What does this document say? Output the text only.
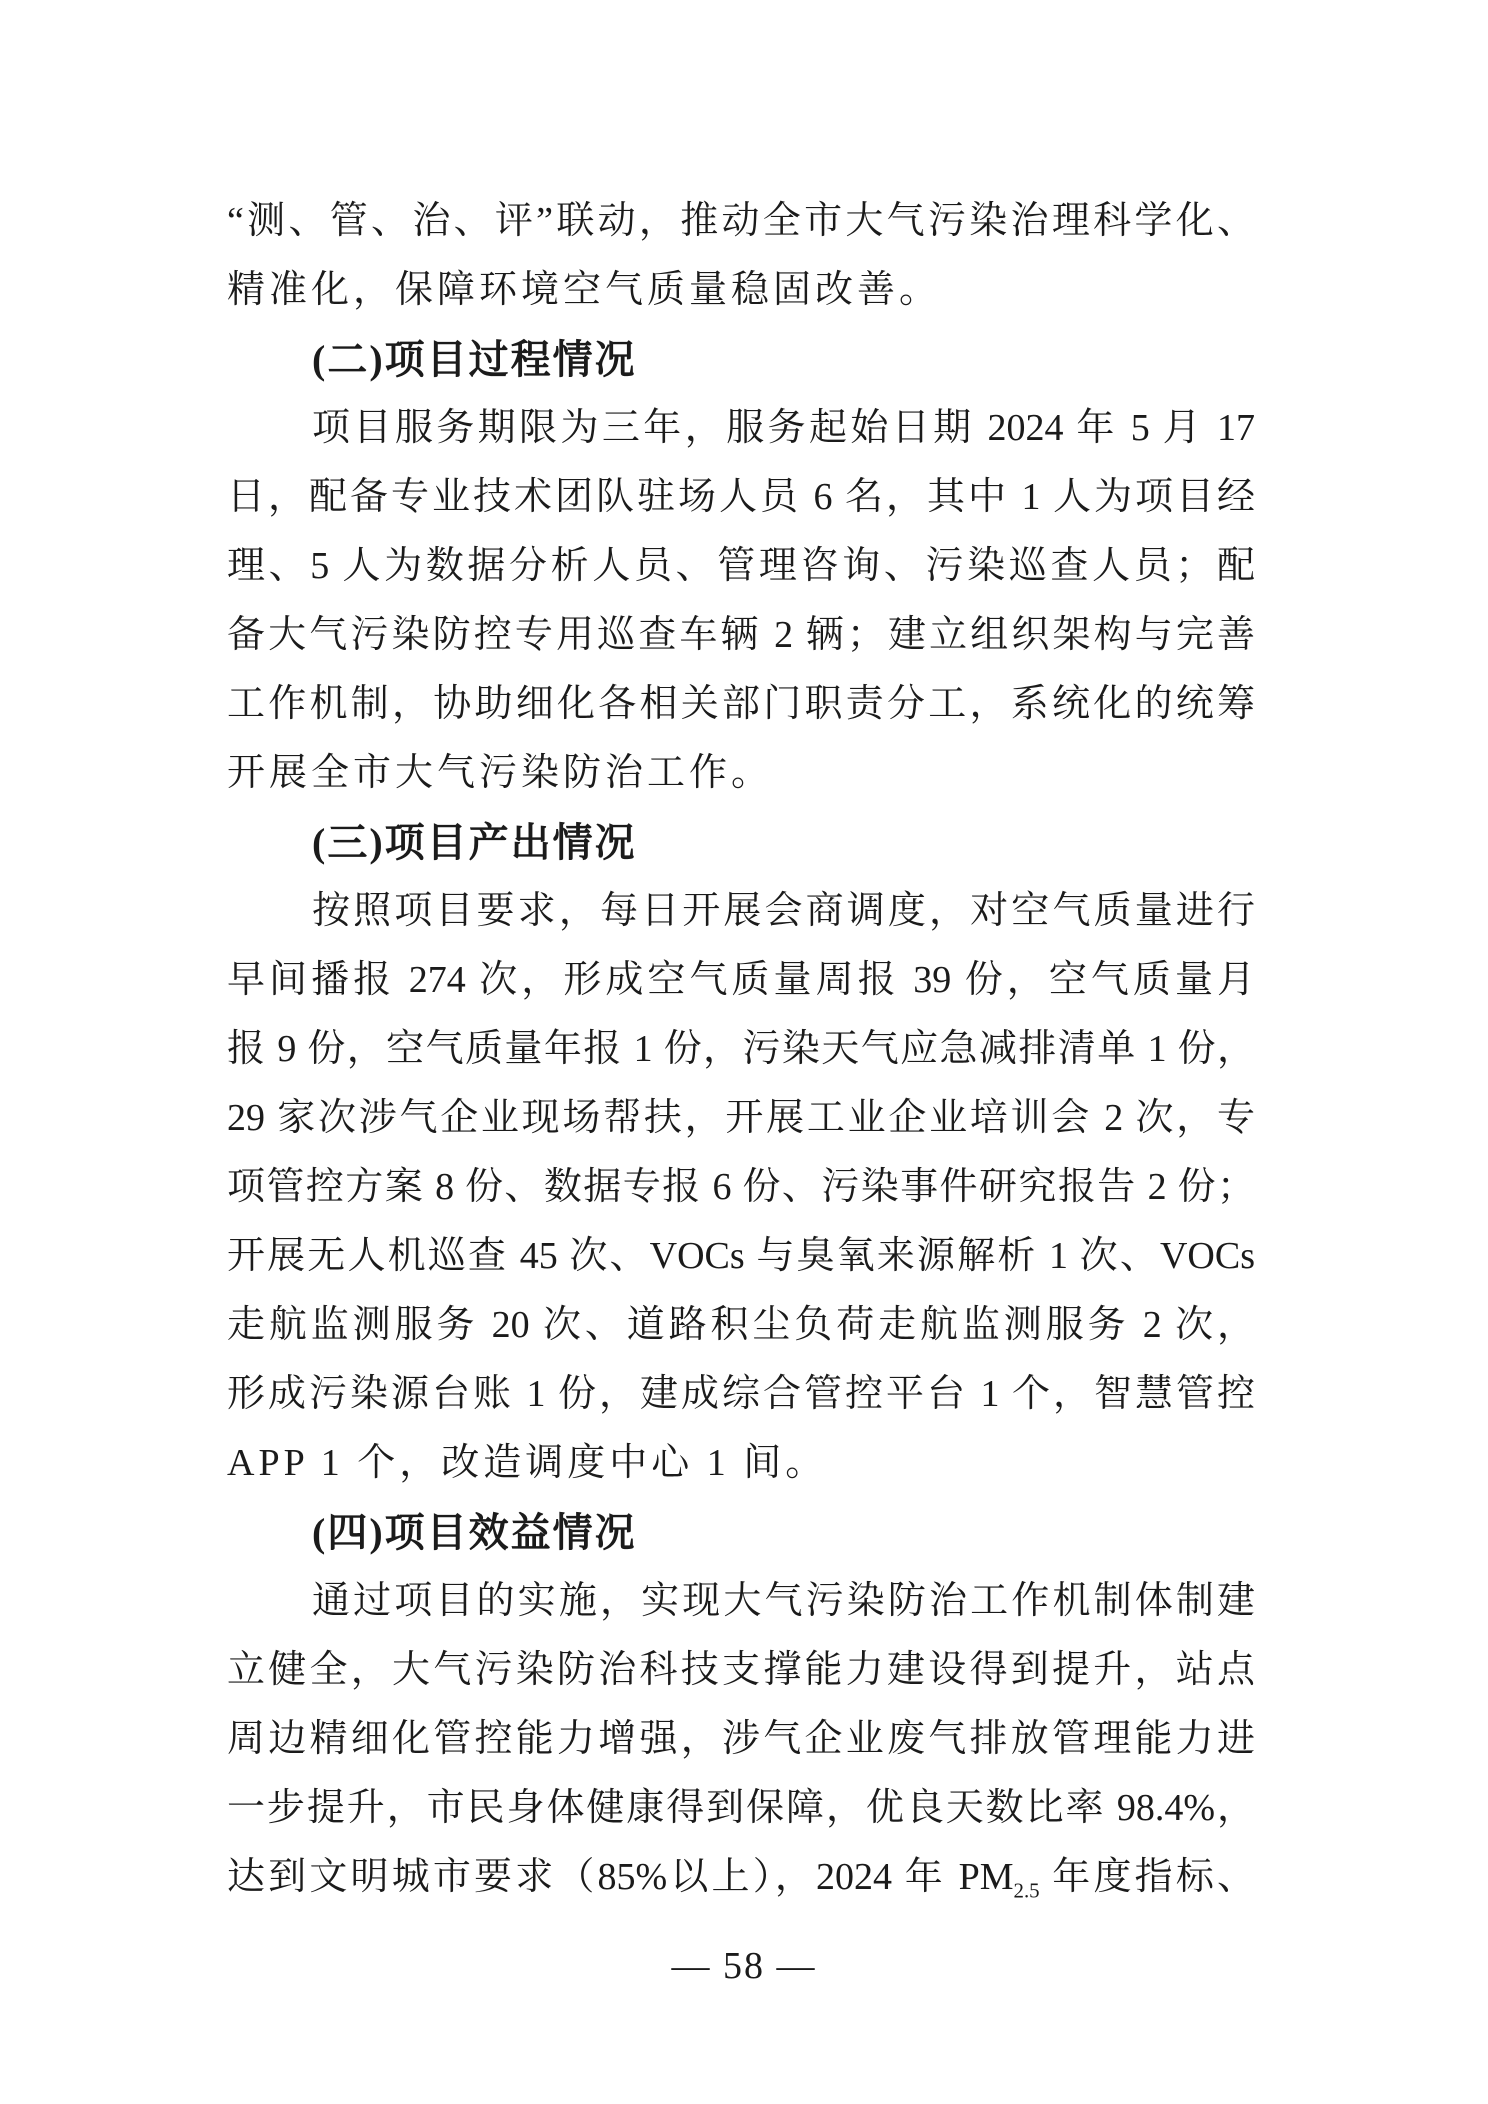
“测、管、治、评”联动，推动全市大气污染治理科学化、
精准化，保障环境空气质量稳固改善。
(二)项目过程情况
项目服务期限为三年，服务起始日期 2024 年 5 月 17
日，配备专业技术团队驻场人员 6 名，其中 1 人为项目经
理、5 人为数据分析人员、管理咨询、污染巡查人员；配
备大气污染防控专用巡查车辆 2 辆；建立组织架构与完善
工作机制，协助细化各相关部门职责分工，系统化的统筹
开展全市大气污染防治工作。
(三)项目产出情况
按照项目要求，每日开展会商调度，对空气质量进行
早间播报 274 次，形成空气质量周报 39 份，空气质量月
报 9 份，空气质量年报 1 份，污染天气应急减排清单 1 份，
29 家次涉气企业现场帮扶，开展工业企业培训会 2 次，专
项管控方案 8 份、数据专报 6 份、污染事件研究报告 2 份；
开展无人机巡查 45 次、VOCs 与臭氧来源解析 1 次、VOCs
走航监测服务 20 次、道路积尘负荷走航监测服务 2 次，
形成污染源台账 1 份，建成综合管控平台 1 个，智慧管控
APP 1 个，改造调度中心 1 间。
(四)项目效益情况
通过项目的实施，实现大气污染防治工作机制体制建
立健全，大气污染防治科技支撑能力建设得到提升，站点
周边精细化管控能力增强，涉气企业废气排放管理能力进
一步提升，市民身体健康得到保障，优良天数比率 98.4%，
达到文明城市要求（85%以上），2024 年 $PM_{2.5}$ 年度指标、
— 58 —
